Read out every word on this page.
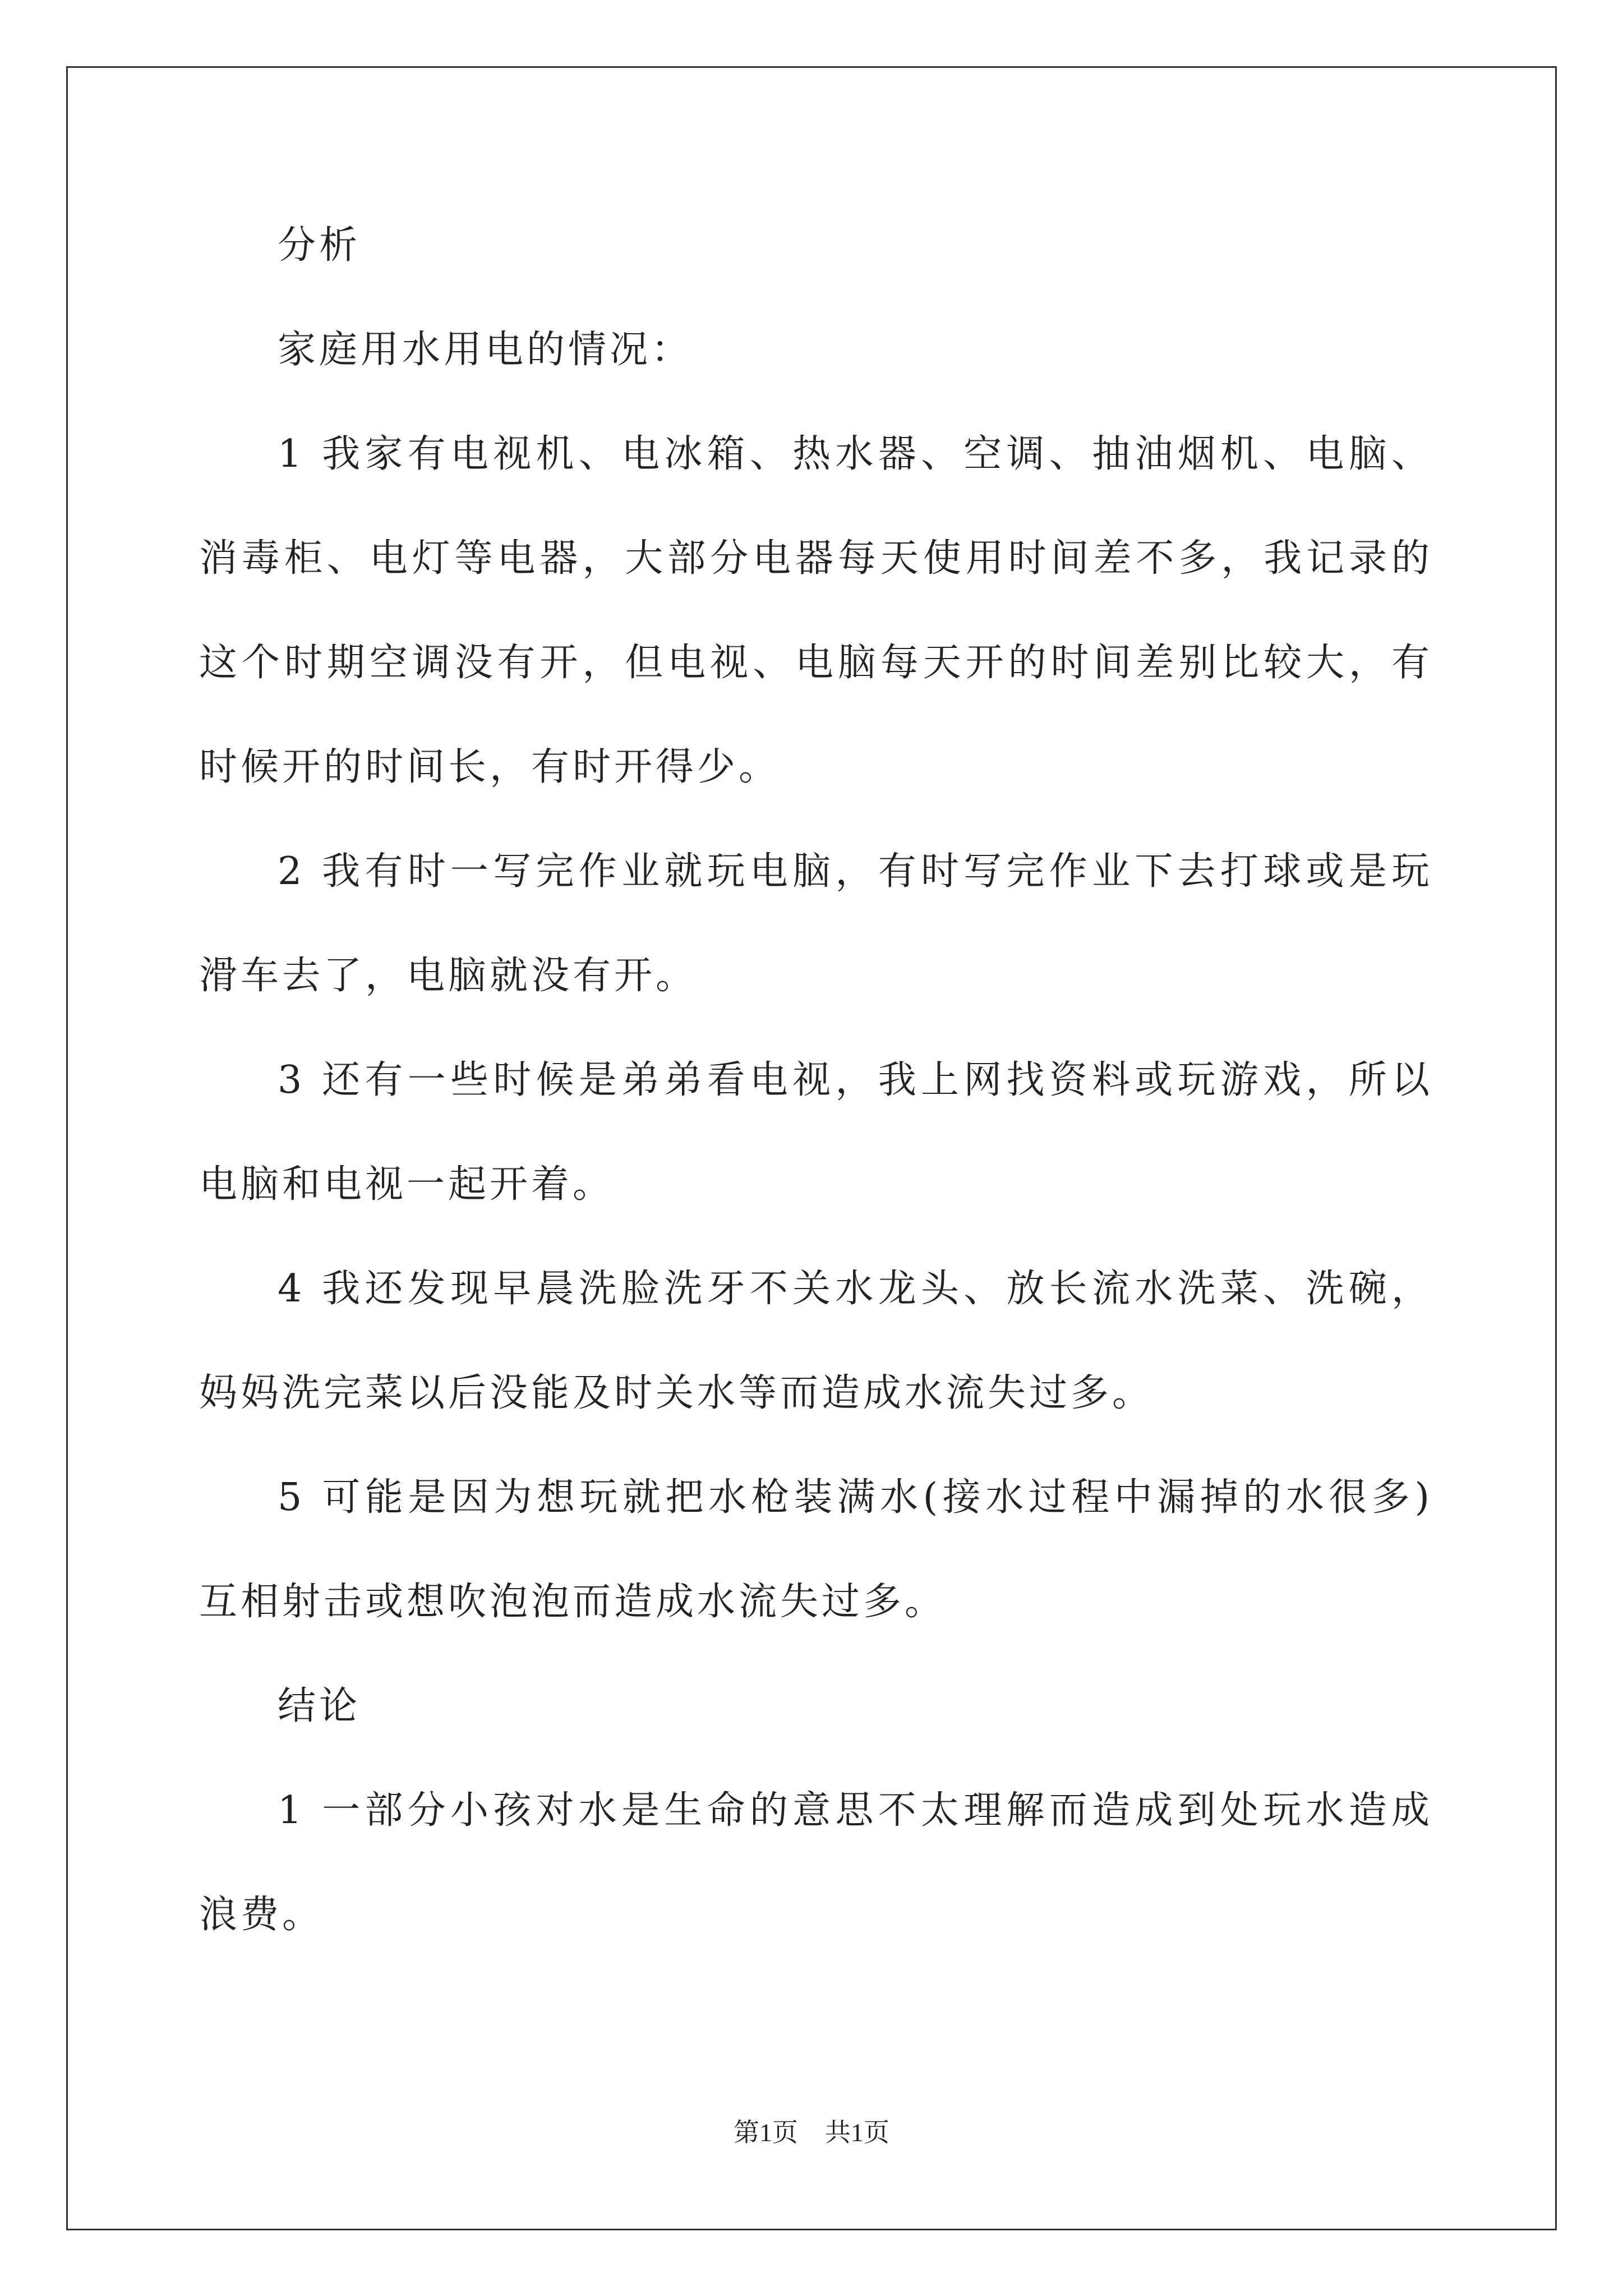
分析

家庭用水用电的情况：

1 我家有电视机、电冰箱、热水器、空调、抽油烟机、电脑、消毒柜、电灯等电器，大部分电器每天使用时间差不多，我记录的这个时期空调没有开，但电视、电脑每天开的时间差别比较大，有时候开的时间长，有时开得少。

2 我有时一写完作业就玩电脑，有时写完作业下去打球或是玩滑车去了，电脑就没有开。

3 还有一些时候是弟弟看电视，我上网找资料或玩游戏，所以电脑和电视一起开着。

4 我还发现早晨洗脸洗牙不关水龙头、放长流水洗菜、洗碗，妈妈洗完菜以后没能及时关水等而造成水流失过多。

5 可能是因为想玩就把水枪装满水(接水过程中漏掉的水很多)互相射击或想吹泡泡而造成水流失过多。

结论

1 一部分小孩对水是生命的意思不太理解而造成到处玩水造成浪费。

第1页 共1页
